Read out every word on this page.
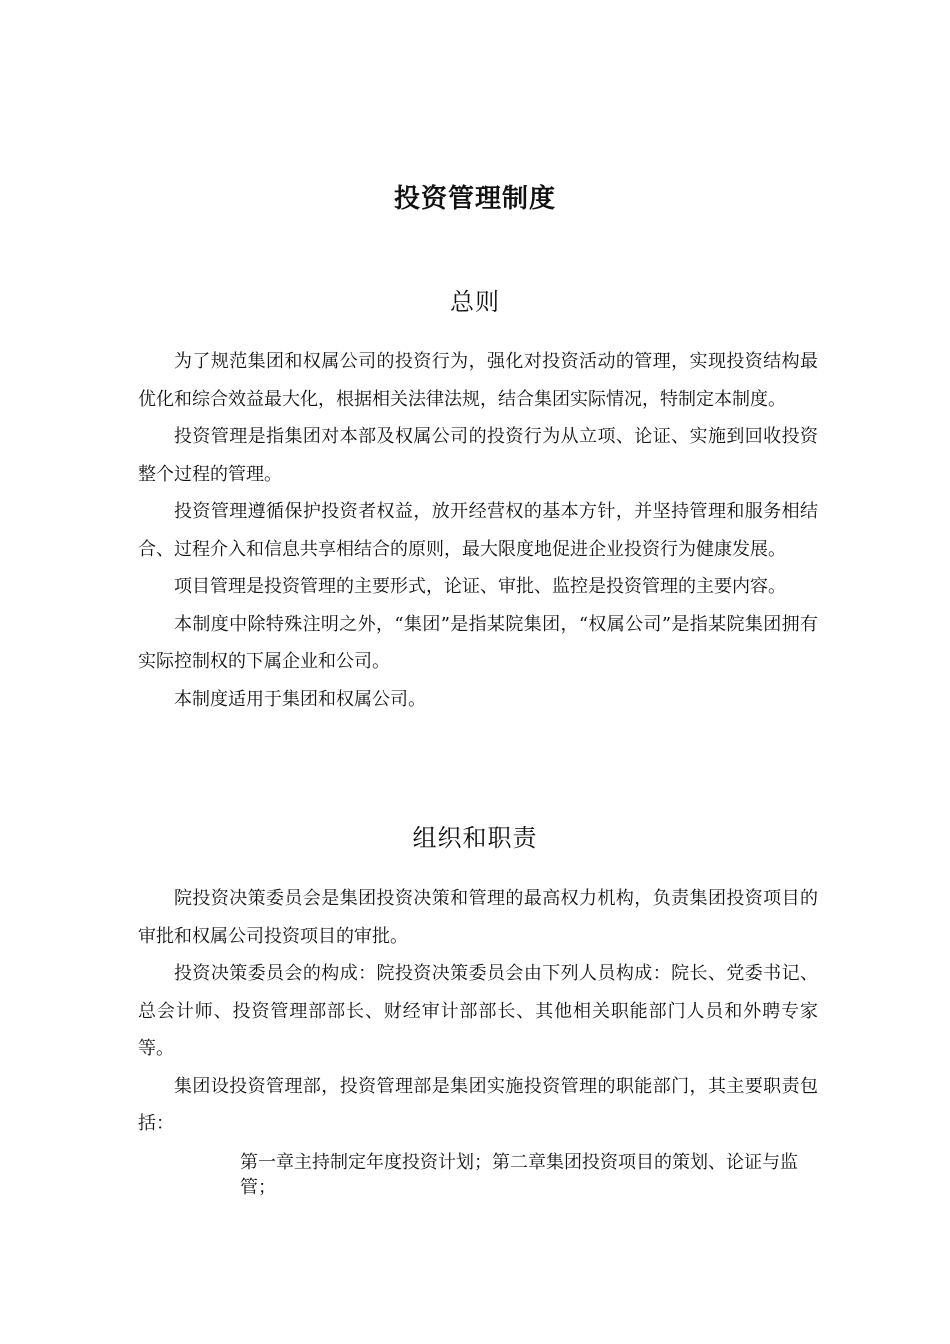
投资管理制度
总则

为了规范集团和权属公司的投资行为，强化对投资活动的管理，实现投资结构最优化和综合效益最大化，根据相关法律法规，结合集团实际情况，特制定本制度。

投资管理是指集团对本部及权属公司的投资行为从立项、论证、实施到回收投资整个过程的管理。

投资管理遵循保护投资者权益，放开经营权的基本方针，并坚持管理和服务相结合、过程介入和信息共享相结合的原则，最大限度地促进企业投资行为健康发展。

项目管理是投资管理的主要形式，论证、审批、监控是投资管理的主要内容。

本制度中除特殊注明之外，“集团”是指某院集团，“权属公司”是指某院集团拥有实际控制权的下属企业和公司。

本制度适用于集团和权属公司。

组织和职责

院投资决策委员会是集团投资决策和管理的最高权力机构，负责集团投资项目的审批和权属公司投资项目的审批。

投资决策委员会的构成：院投资决策委员会由下列人员构成：院长、党委书记、总会计师、投资管理部部长、财经审计部部长、其他相关职能部门人员和外聘专家等。

集团设投资管理部，投资管理部是集团实施投资管理的职能部门，其主要职责包括：

第一章主持制定年度投资计划；第二章集团投资项目的策划、论证与监管；
